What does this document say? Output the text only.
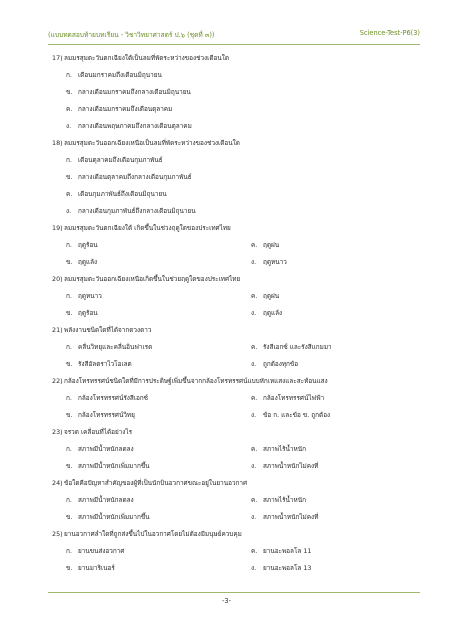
(แบบทดสอบท้ายบทเรียน - วิชาวิทยาศาสตร์ ป.๖ (ชุดที่ ๓))	Science-Test-P6(3)
17)ลมมรสุมตะวันตกเฉียงใต้เป็นลมที่พัดระหว่างของช่วงเดือนใด
ก. เดือนมกราคมถึงเดือนมิถุนายน
ข. กลางเดือนมกราคมถึงกลางเดือนมิถุนายน
ค. กลางเดือนมกราคมถึงเดือนตุลาคม
ง. กลางเดือนพฤษภาคมถึงกลางเดือนตุลาคม
18)ลมมรสุมตะวันออกเฉียงเหนือเป็นลมที่พัดระหว่างของช่วงเดือนใด
ก. เดือนตุลาคมถึงเดือนกุมภาพันธ์
ข. กลางเดือนตุลาคมถึงกลางเดือนกุมภาพันธ์
ค. เดือนกุมภาพันธ์ถึงเดือนมิถุนายน
ง. กลางเดือนกุมภาพันธ์ถึงกลางเดือนมิถุนายน
19)ลมมรสุมตะวันตกเฉียงใต้ เกิดขึ้นในช่วงฤดูใดของประเทศไทย
ก. ฤดูร้อน	ค. ฤดูฝน
ข. ฤดูแล้ง	ง. ฤดูหนาว
20)ลมมรสุมตะวันออกเฉียงเหนือเกิดขึ้นในช่วยฤดูใดของประเทศไทย
ก. ฤดูหนาว	ค. ฤดูฝน
ข. ฤดูร้อน	ง. ฤดูแล้ง
21)พลังงานชนิดใดที่ได้จากดวงดาว
ก. คลื่นวิทยุและคลื่นอินฟาเรด	ค. รังสีเอกซ์ และรังสีแกมมา
ข. รังสีอัลตราไวโอเลต	ง. ถูกต้องทุกข้อ
22)กล้องโทรทรรศน์ชนิดใดที่มีการประดิษฐ์เพิ่มขึ้นจากกล้องโทรทรรศน์แบบหักเหแสงและสะท้อนแสง
ก. กล้องโทรทรรศน์รังสีเอกซ์	ค. กล้องโทรทรรศน์ไฟฟ้า
ข. กล้องโทรทรรศน์วิทยุ	ง. ข้อ ก. และข้อ ข. ถูกต้อง
23)จรวด เคลื่อนที่ได้อย่างไร
ก. สภาพมีน้ำหนักลดลง	ค. สภาพไร้น้ำหนัก
ข. สภาพมีน้ำหนักเพิ่มมากขึ้น	ง. สภาพน้ำหนักไม่คงที่
24)ข้อใดคือปัญหาสำคัญของผู้ที่เป็นนักบินอวกาศขณะอยู่ในยานอวกาศ
ก. สภาพมีน้ำหนักลดลง	ค. สภาพไร้น้ำหนัก
ข. สภาพมีน้ำหนักเพิ่มมากขึ้น	ง. สภาพน้ำหนักไม่คงที่
25)ยานอวกาศลำใดที่ถูกส่งขึ้นไปในอวกาศโดยไม่ต้องมีมนุษย์ควบคุม
ก. ยานขนส่งอวกาศ	ค. ยานอะพอลโล 11
ข. ยานมาริเนอร์	ง. ยานอะพอลโล 13
-3-
